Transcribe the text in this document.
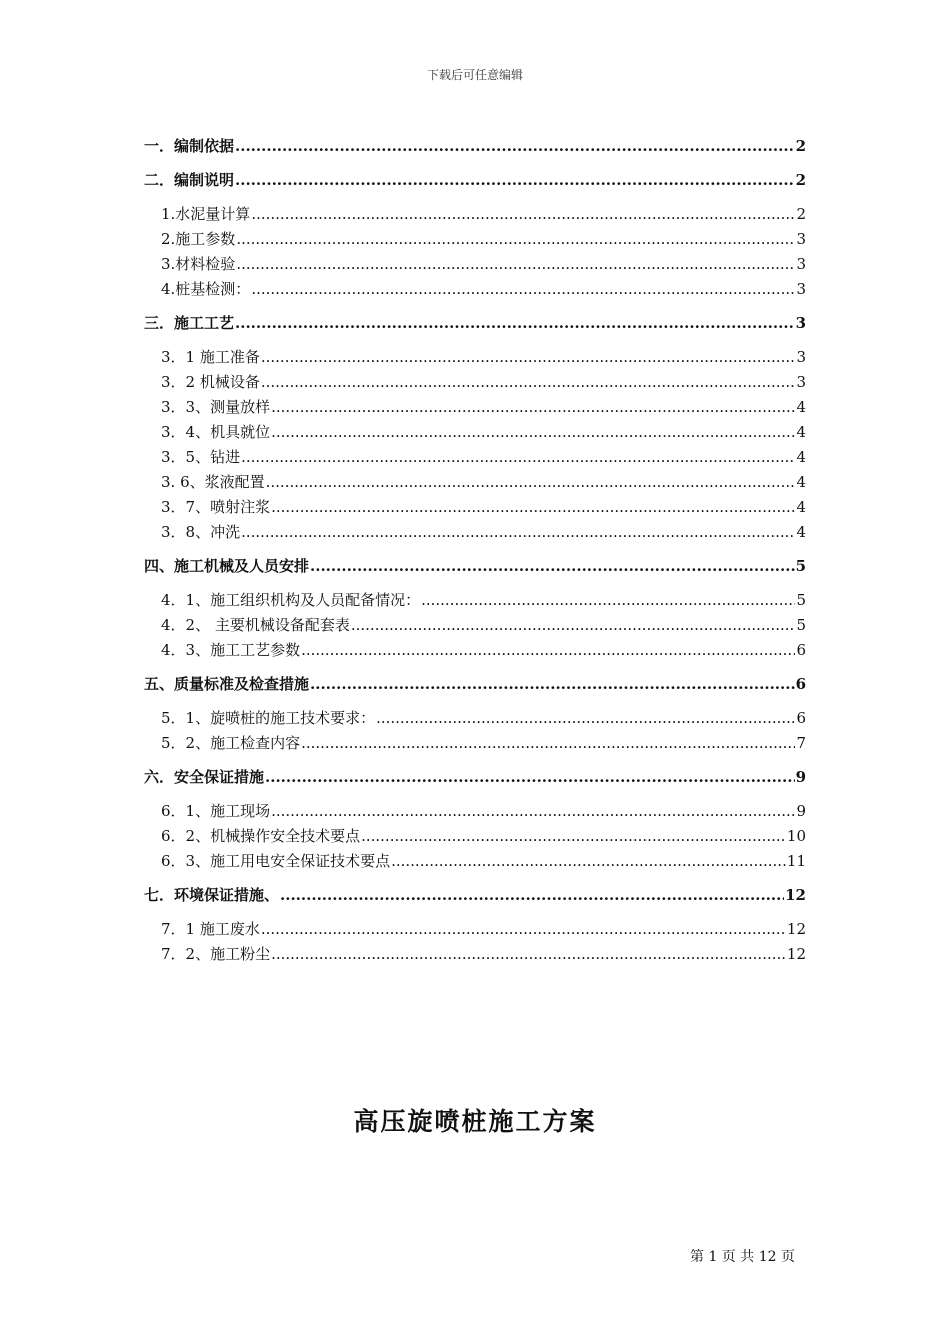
下载后可任意编辑
一．编制依据 .....	2
二．编制说明 .....	2
1.水泥量计算 .....	2
2.施工参数 .....	3
3.材料检验 .....	3
4.桩基检测： .....	3
三．施工工艺 .....	3
3．1 施工准备 .....	3
3．2 机械设备 .....	3
3．3、测量放样 .....	4
3．4、机具就位 .....	4
3．5、钻进 .....	4
3. 6、浆液配置 .....	4
3．7、喷射注浆 .....	4
3．8、冲洗 .....	4
四、施工机械及人员安排 .....	5
4．1、施工组织机构及人员配备情况： .....	5
4．2、 主要机械设备配套表 .....	5
4．3、施工工艺参数 .....	6
五、质量标准及检查措施 .....	6
5．1、旋喷桩的施工技术要求： .....	6
5．2、施工检查内容 .....	7
六．安全保证措施 .....	9
6．1、施工现场 .....	9
6．2、机械操作安全技术要点 .....	10
6．3、施工用电安全保证技术要点 .....	11
七．环境保证措施、 .....	12
7．1 施工废水 .....	12
7．2、施工粉尘 .....	12
高压旋喷桩施工方案
第 1 页 共 12 页
